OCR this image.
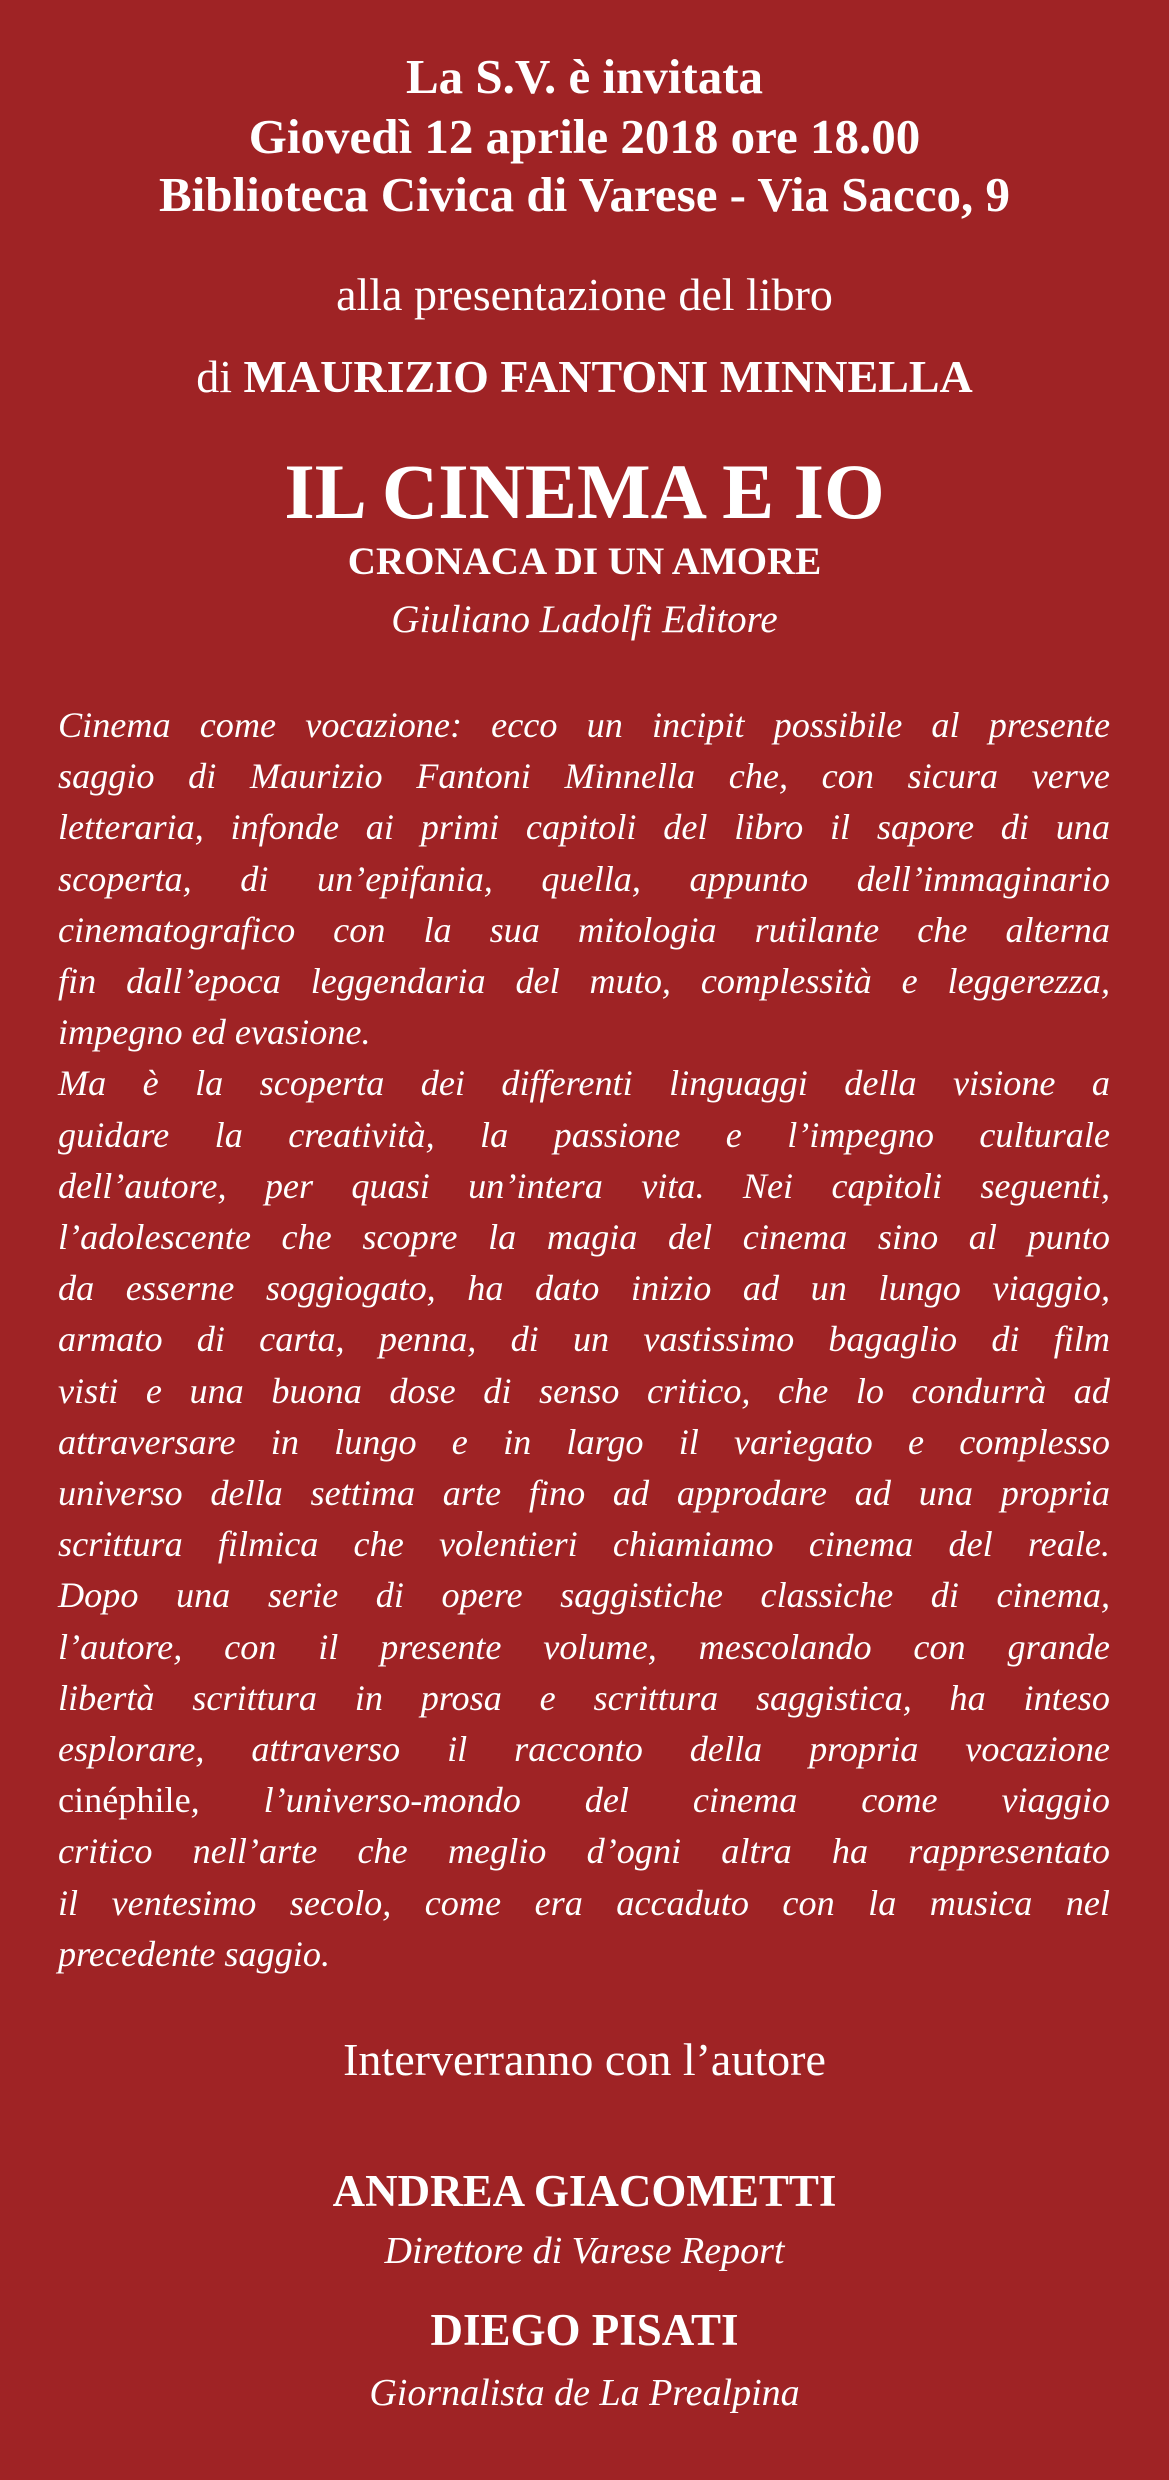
La S.V. è invitata

Giovedì 12 aprile 2018 ore 18.00

Biblioteca Civica di Varese - Via Sacco, 9

alla presentazione del libro

di MAURIZIO FANTONI MINNELLA

IL CINEMA E IO

CRONACA DI UN AMORE

Giuliano Ladolfi Editore

Cinema come vocazione: ecco un incipit possibile al presente
saggio di Maurizio Fantoni Minnella che, con sicura verve
letteraria, infonde ai primi capitoli del libro il sapore di una
scoperta, di un’epifania, quella, appunto dell’immaginario
cinematografico con la sua mitologia rutilante che alterna
fin dall’epoca leggendaria del muto, complessità e leggerezza,
impegno ed evasione.
Ma è la scoperta dei differenti linguaggi della visione a
guidare la creatività, la passione e l’impegno culturale
dell’autore, per quasi un’intera vita. Nei capitoli seguenti,
l’adolescente che scopre la magia del cinema sino al punto
da esserne soggiogato, ha dato inizio ad un lungo viaggio,
armato di carta, penna, di un vastissimo bagaglio di film
visti e una buona dose di senso critico, che lo condurrà ad
attraversare in lungo e in largo il variegato e complesso
universo della settima arte fino ad approdare ad una propria
scrittura filmica che volentieri chiamiamo cinema del reale.
Dopo una serie di opere saggistiche classiche di cinema,
l’autore, con il presente volume, mescolando con grande
libertà scrittura in prosa e scrittura saggistica, ha inteso
esplorare, attraverso il racconto della propria vocazione
cinéphile, l’universo-mondo del cinema come viaggio
critico nell’arte che meglio d’ogni altra ha rappresentato
il ventesimo secolo, come era accaduto con la musica nel
precedente saggio.

Interverranno con l’autore

ANDREA GIACOMETTI

Direttore di Varese Report

DIEGO PISATI

Giornalista de La Prealpina
